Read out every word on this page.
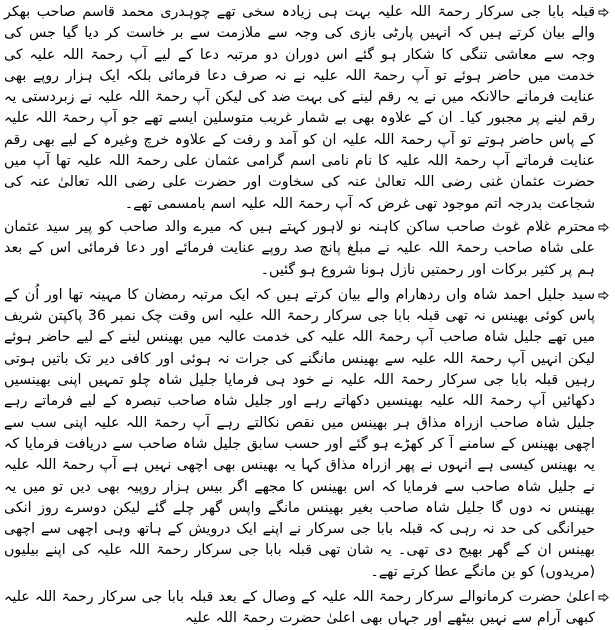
قبلہ بابا جی سرکار رحمۃ اللہ علیہ بہت ہی زیادہ سخی تھے چوہدری محمد قاسم صاحب بھکر والے بیان کرتے ہیں کہ انہیں پارٹی بازی کی وجہ سے ملازمت سے بر خاست کر دیا گیا جس کی وجہ سے معاشی تنگی کا شکار ہو گئے اس دوران دو مرتبہ دعا کے لیے آپ رحمۃ اللہ علیہ کی خدمت میں حاضر ہوئے تو آپ رحمۃ اللہ علیہ نے نہ صرف دعا فرمائی بلکہ ایک ہزار روپے بھی عنایت فرمانے حالانکہ میں نے یہ رقم لینے کی بہت ضد کی لیکن آپ رحمۃ اللہ علیہ نے زبردستی یہ رقم لینے پر مجبور کیا۔ ان کے علاوہ بھی بے شمار غریب متوسلین ایسے تھے جو آپ رحمۃ اللہ علیہ کے پاس حاضر ہوتے تو آپ رحمۃ اللہ علیہ ان کو آمد و رفت کے علاوہ خرچ وغیرہ کے لیے بھی رقم عنایت فرماتے آپ رحمۃ اللہ علیہ کا نام نامی اسم گرامی عثمان علی رحمۃ اللہ علیہ تھا آپ میں حضرت عثمان غنی رضی اللہ تعالیٰ عنہ کی سخاوت اور حضرت علی رضی اللہ تعالیٰ عنہ کی شجاعت بدرجہ اتم موجود تھی غرض کہ آپ رحمۃ اللہ علیہ اسم بامسمی تھے۔

محترم غلام غوث صاحب ساکن کاہنہ نو لاہور کہتے ہیں کہ میرے والد صاحب کو پیر سید عثمان علی شاہ صاحب رحمۃ اللہ علیہ نے مبلغ پانچ صد روپے عنایت فرمائے اور دعا فرمائی اس کے بعد ہم پر کثیر برکات اور رحمتیں نازل ہونا شروع ہو گئیں۔

سید جلیل احمد شاہ واں ردھارام والے بیان کرتے ہیں کہ ایک مرتبہ رمضان کا مہینہ تھا اور اُن کے پاس کوئی بھینس نہ تھی قبلہ بابا جی سرکار رحمۃ اللہ علیہ اس وقت چک نمبر 36 پاکپتن شریف میں تھے جلیل شاہ صاحب آپ رحمۃ اللہ علیہ کی خدمت عالیہ میں بھینس لینے کے لیے حاضر ہوئے لیکن انہیں آپ رحمۃ اللہ علیہ سے بھینس مانگنے کی جرات نہ ہوئی اور کافی دیر تک باتیں ہوتی رہیں قبلہ بابا جی سرکار رحمۃ اللہ علیہ نے خود ہی فرمایا جلیل شاہ چلو تمہیں اپنی بھینسیں دکھائیں آپ رحمۃ اللہ علیہ بھینسیں دکھاتے رہے اور جلیل شاہ صاحب تبصرہ کے لیے فرماتے رہے جلیل شاہ صاحب ازراہ مذاق ہر بھینس میں نقص نکالتے رہے آپ رحمۃ اللہ علیہ اپنی سب سے اچھی بھینس کے سامنے آ کر کھڑے ہو گئے اور حسب سابق جلیل شاہ صاحب سے دریافت فرمایا کہ یہ بھینس کیسی ہے انہوں نے پھر ازراہ مذاق کہا یہ بھینس بھی اچھی نہیں ہے آپ رحمۃ اللہ علیہ نے جلیل شاہ صاحب سے فرمایا کہ اس بھینس کا مجھے اگر بیس ہزار روپیہ بھی دیں تو میں یہ بھینس نہ دوں گا جلیل شاہ صاحب بغیر بھینس مانگے واپس گھر چلے گئے لیکن دوسرے روز انکی حیرانگی کی حد نہ رہی کہ قبلہ بابا جی سرکار نے اپنے ایک درویش کے ہاتھ وہی اچھی سے اچھی بھینس ان کے گھر بھیج دی تھی۔ یہ شان تھی قبلہ بابا جی سرکار رحمۃ اللہ علیہ کی اپنے بیلیوں (مریدوں) کو بن مانگے عطا کرتے تھے۔

اعلیٰ حضرت کرمانوالے سرکار رحمۃ اللہ علیہ کے وصال کے بعد قبلہ بابا جی سرکار رحمۃ اللہ علیہ کبھی آرام سے نہیں بیٹھے اور جہاں بھی اعلیٰ حضرت رحمۃ اللہ علیہ
